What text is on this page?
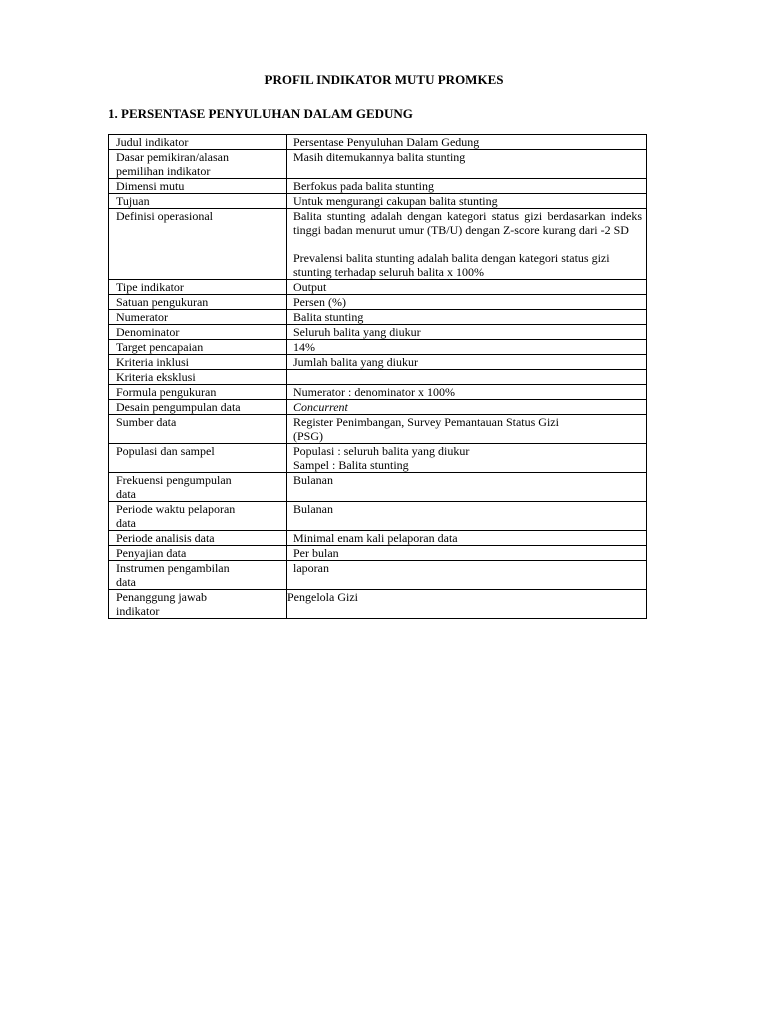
PROFIL INDIKATOR MUTU PROMKES
1. PERSENTASE PENYULUHAN DALAM GEDUNG
Judul indikator	Persentase Penyuluhan Dalam Gedung
Dasar pemikiran/alasan
pemilihan indikator	Masih ditemukannya balita stunting
Dimensi mutu	Berfokus pada balita stunting
Tujuan	Untuk mengurangi cakupan balita stunting
Definisi operasional	Balita stunting adalah dengan kategori status gizi berdasarkan indeks tinggi badan menurut umur (TB/U) dengan Z-score kurang dari -2 SD
Prevalensi balita stunting adalah balita dengan kategori status gizi stunting terhadap seluruh balita x 100%

Tipe indikator	Output
Satuan pengukuran	Persen (%)
Numerator	Balita stunting
Denominator	Seluruh balita yang diukur
Target pencapaian	14%
Kriteria inklusi	Jumlah balita yang diukur
Kriteria eksklusi	
Formula pengukuran	Numerator : denominator x 100%
Desain pengumpulan data	Concurrent
Sumber data	Register Penimbangan, Survey Pemantauan Status Gizi
(PSG)
Populasi dan sampel	Populasi : seluruh balita yang diukur
Sampel : Balita stunting
Frekuensi pengumpulan
data	Bulanan
Periode waktu pelaporan
data	Bulanan
Periode analisis data	Minimal enam kali pelaporan data
Penyajian data	Per bulan
Instrumen pengambilan
data	laporan
Penanggung jawab
indikator	Pengelola Gizi
